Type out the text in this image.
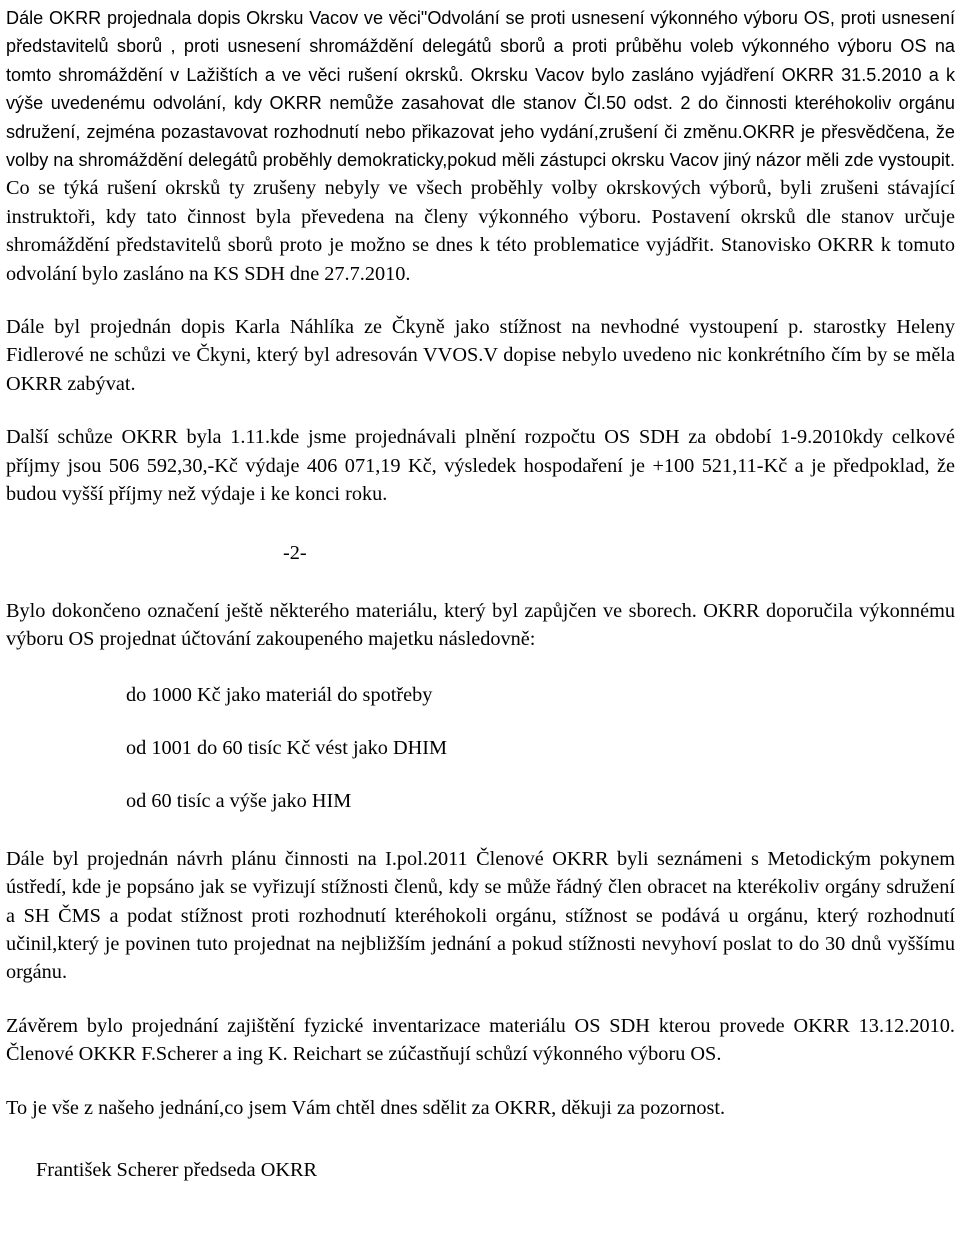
Dále OKRR projednala dopis Okrsku Vacov ve věci"Odvolání se proti usnesení výkonného výboru OS, proti usnesení představitelů sborů , proti usnesení shromáždění delegátů sborů a proti průběhu voleb výkonného výboru OS na tomto shromáždění v Lažištích a ve věci rušení okrsků. Okrsku Vacov bylo zasláno vyjádření OKRR 31.5.2010 a k výše uvedenému odvolání, kdy OKRR nemůže zasahovat dle stanov Čl.50 odst. 2 do činnosti kteréhokoliv orgánu sdružení, zejména pozastavovat rozhodnutí nebo přikazovat jeho vydání,zrušení či změnu.OKRR je přesvědčena, že volby na shromáždění delegátů proběhly demokraticky,pokud měli zástupci okrsku Vacov jiný názor měli zde vystoupit. Co se týká rušení okrsků ty zrušeny nebyly ve všech proběhly volby okrskových výborů, byli zrušeni stávající instruktoři, kdy tato činnost byla převedena na členy výkonného výboru. Postavení okrsků dle stanov určuje shromáždění představitelů sborů proto je možno se dnes k této problematice vyjádřit. Stanovisko OKRR k tomuto odvolání bylo zasláno na KS SDH dne 27.7.2010.

Dále byl projednán dopis Karla Náhlíka ze Čkyně jako stížnost na nevhodné vystoupení p. starostky Heleny Fidlerové ne schůzi ve Čkyni, který byl adresován VVOS.V dopise nebylo uvedeno nic konkrétního čím by se měla OKRR zabývat.

Další schůze OKRR byla 1.11.kde jsme projednávali plnění rozpočtu OS SDH za období 1-9.2010kdy celkové příjmy jsou 506 592,30,-Kč výdaje 406 071,19 Kč, výsledek hospodaření je +100 521,11-Kč a je předpoklad, že budou vyšší příjmy než výdaje i ke konci roku.

-2-

Bylo dokončeno označení ještě některého materiálu, který byl zapůjčen ve sborech. OKRR doporučila výkonnému výboru OS projednat účtování zakoupeného majetku následovně:

do 1000 Kč jako materiál do spotřeby
od 1001 do 60 tisíc Kč vést jako DHIM
od 60 tisíc a výše jako HIM

Dále byl projednán návrh plánu činnosti na I.pol.2011 Členové OKRR byli seznámeni s Metodickým pokynem ústředí, kde je popsáno jak se vyřizují stížnosti členů, kdy se může řádný člen obracet na kterékoliv orgány sdružení a SH ČMS a podat stížnost proti rozhodnutí kteréhokoli orgánu, stížnost se podává u orgánu, který rozhodnutí učinil,který je povinen tuto projednat na nejbližším jednání a pokud stížnosti nevyhoví poslat to do 30 dnů vyššímu orgánu.

Závěrem bylo projednání zajištění fyzické inventarizace materiálu OS SDH kterou provede OKRR 13.12.2010. Členové OKKR F.Scherer a ing K. Reichart se zúčastňují schůzí výkonného výboru OS.

To je vše z našeho jednání,co jsem Vám chtěl dnes sdělit za OKRR, děkuji za pozornost.

František Scherer předseda OKRR
